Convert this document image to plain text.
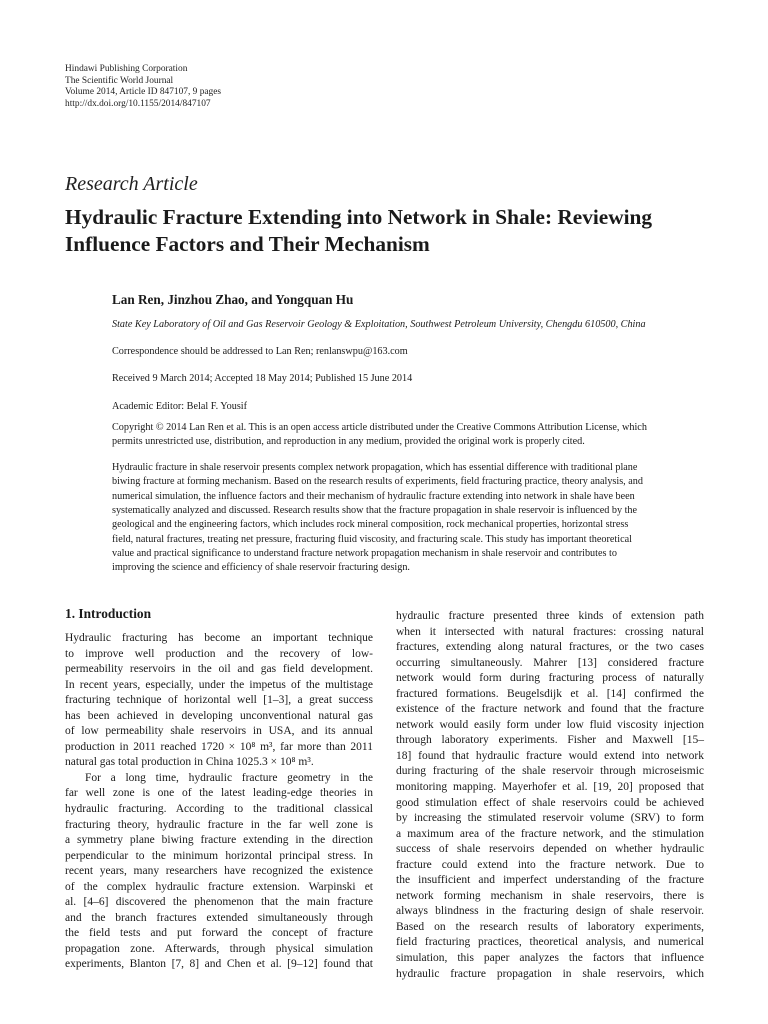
Hindawi Publishing Corporation
The Scientific World Journal
Volume 2014, Article ID 847107, 9 pages
http://dx.doi.org/10.1155/2014/847107
Research Article
Hydraulic Fracture Extending into Network in Shale: Reviewing
Influence Factors and Their Mechanism
Lan Ren, Jinzhou Zhao, and Yongquan Hu
State Key Laboratory of Oil and Gas Reservoir Geology & Exploitation, Southwest Petroleum University, Chengdu 610500, China
Correspondence should be addressed to Lan Ren; renlanswpu@163.com
Received 9 March 2014; Accepted 18 May 2014; Published 15 June 2014
Academic Editor: Belal F. Yousif
Copyright © 2014 Lan Ren et al. This is an open access article distributed under the Creative Commons Attribution License, which
permits unrestricted use, distribution, and reproduction in any medium, provided the original work is properly cited.
Hydraulic fracture in shale reservoir presents complex network propagation, which has essential difference with traditional plane
biwing fracture at forming mechanism. Based on the research results of experiments, field fracturing practice, theory analysis, and
numerical simulation, the influence factors and their mechanism of hydraulic fracture extending into network in shale have been
systematically analyzed and discussed. Research results show that the fracture propagation in shale reservoir is influenced by the
geological and the engineering factors, which includes rock mineral composition, rock mechanical properties, horizontal stress
field, natural fractures, treating net pressure, fracturing fluid viscosity, and fracturing scale. This study has important theoretical
value and practical significance to understand fracture network propagation mechanism in shale reservoir and contributes to
improving the science and efficiency of shale reservoir fracturing design.
1. Introduction
Hydraulic fracturing has become an important technique
to improve well production and the recovery of low-
permeability reservoirs in the oil and gas field development.
In recent years, especially, under the impetus of the multistage
fracturing technique of horizontal well [1–3], a great success
has been achieved in developing unconventional natural gas
of low permeability shale reservoirs in USA, and its annual
production in 2011 reached 1720 × 10⁸ m³, far more than 2011
natural gas total production in China 1025.3 × 10⁸ m³.
For a long time, hydraulic fracture geometry in the
far well zone is one of the latest leading-edge theories in
hydraulic fracturing. According to the traditional classical
fracturing theory, hydraulic fracture in the far well zone is
a symmetry plane biwing fracture extending in the direction
perpendicular to the minimum horizontal principal stress. In
recent years, many researchers have recognized the existence
of the complex hydraulic fracture extension. Warpinski et
al. [4–6] discovered the phenomenon that the main fracture
and the branch fractures extended simultaneously through
the field tests and put forward the concept of fracture
propagation zone. Afterwards, through physical simulation
experiments, Blanton [7, 8] and Chen et al. [9–12] found that
hydraulic fracture presented three kinds of extension path
when it intersected with natural fractures: crossing natural
fractures, extending along natural fractures, or the two cases
occurring simultaneously. Mahrer [13] considered fracture
network would form during fracturing process of naturally
fractured formations. Beugelsdijk et al. [14] confirmed the
existence of the fracture network and found that the fracture
network would easily form under low fluid viscosity injection
through laboratory experiments. Fisher and Maxwell [15–
18] found that hydraulic fracture would extend into network
during fracturing of the shale reservoir through microseismic
monitoring mapping. Mayerhofer et al. [19, 20] proposed that
good stimulation effect of shale reservoirs could be achieved
by increasing the stimulated reservoir volume (SRV) to form
a maximum area of the fracture network, and the stimulation
success of shale reservoirs depended on whether hydraulic
fracture could extend into the fracture network. Due to
the insufficient and imperfect understanding of the fracture
network forming mechanism in shale reservoirs, there is
always blindness in the fracturing design of shale reservoir.
Based on the research results of laboratory experiments,
field fracturing practices, theoretical analysis, and numerical
simulation, this paper analyzes the factors that influence
hydraulic fracture propagation in shale reservoirs, which
